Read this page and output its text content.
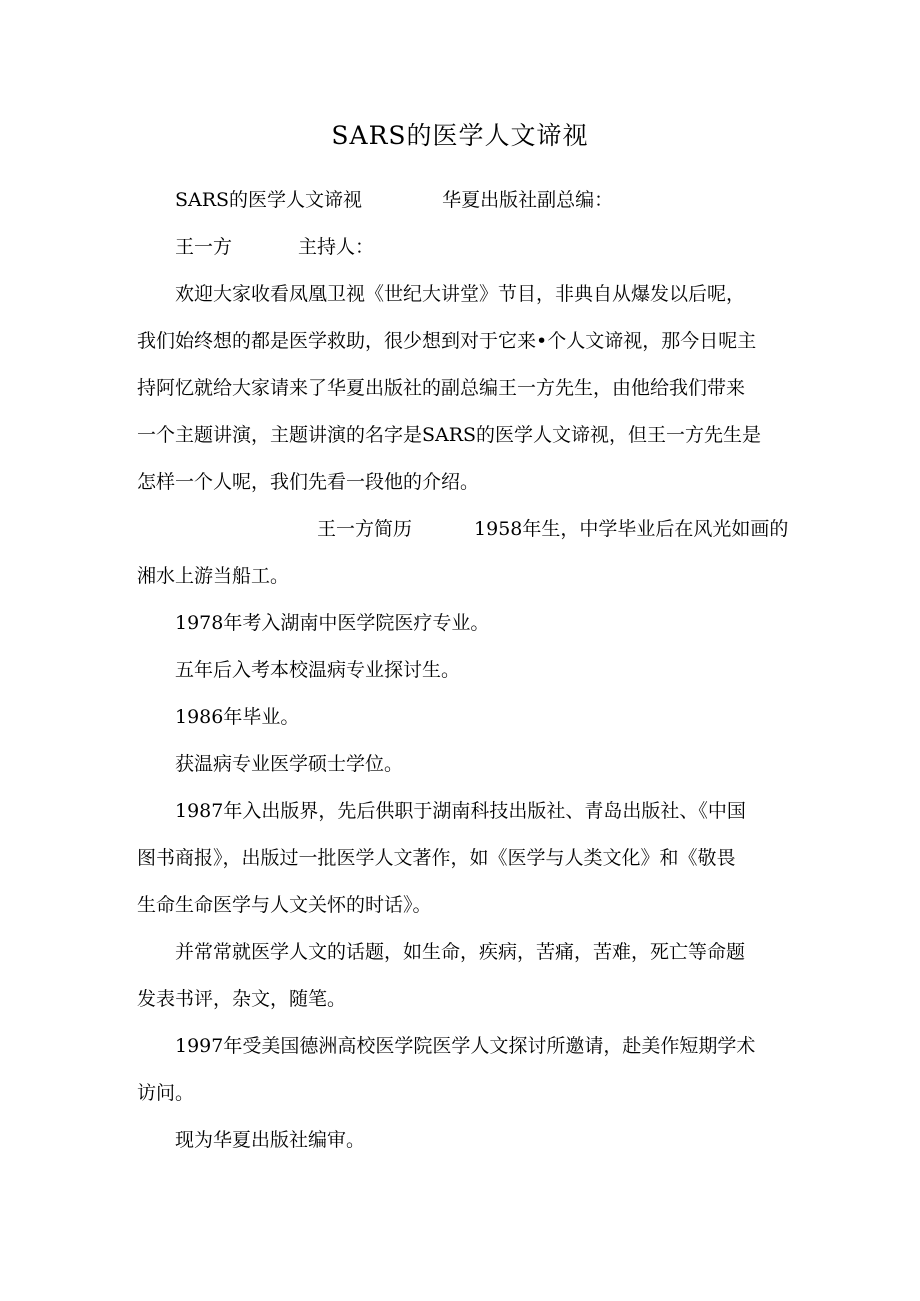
SARS的医学人文谛视

SARS的医学人文谛视	华夏出版社副总编：

王一方	主持人：

欢迎大家收看凤凰卫视《世纪大讲堂》节目，非典自从爆发以后呢，
我们始终想的都是医学救助，很少想到对于它来•个人文谛视，那今日呢主
持阿忆就给大家请来了华夏出版社的副总编王一方先生，由他给我们带来
一个主题讲演，主题讲演的名字是SARS的医学人文谛视，但王一方先生是
怎样一个人呢，我们先看一段他的介绍。

王一方简历	1958年生，中学毕业后在风光如画的
湘水上游当船工。

1978年考入湖南中医学院医疗专业。

五年后入考本校温病专业探讨生。

1986年毕业。

获温病专业医学硕士学位。

1987年入出版界，先后供职于湖南科技出版社、青岛出版社、《中国
图书商报》，出版过一批医学人文著作，如《医学与人类文化》和《敬畏
生命生命医学与人文关怀的时话》。

并常常就医学人文的话题，如生命，疾病，苦痛，苦难，死亡等命题
发表书评，杂文，随笔。

1997年受美国德洲高校医学院医学人文探讨所邀请，赴美作短期学术
访问。

现为华夏出版社编审。
